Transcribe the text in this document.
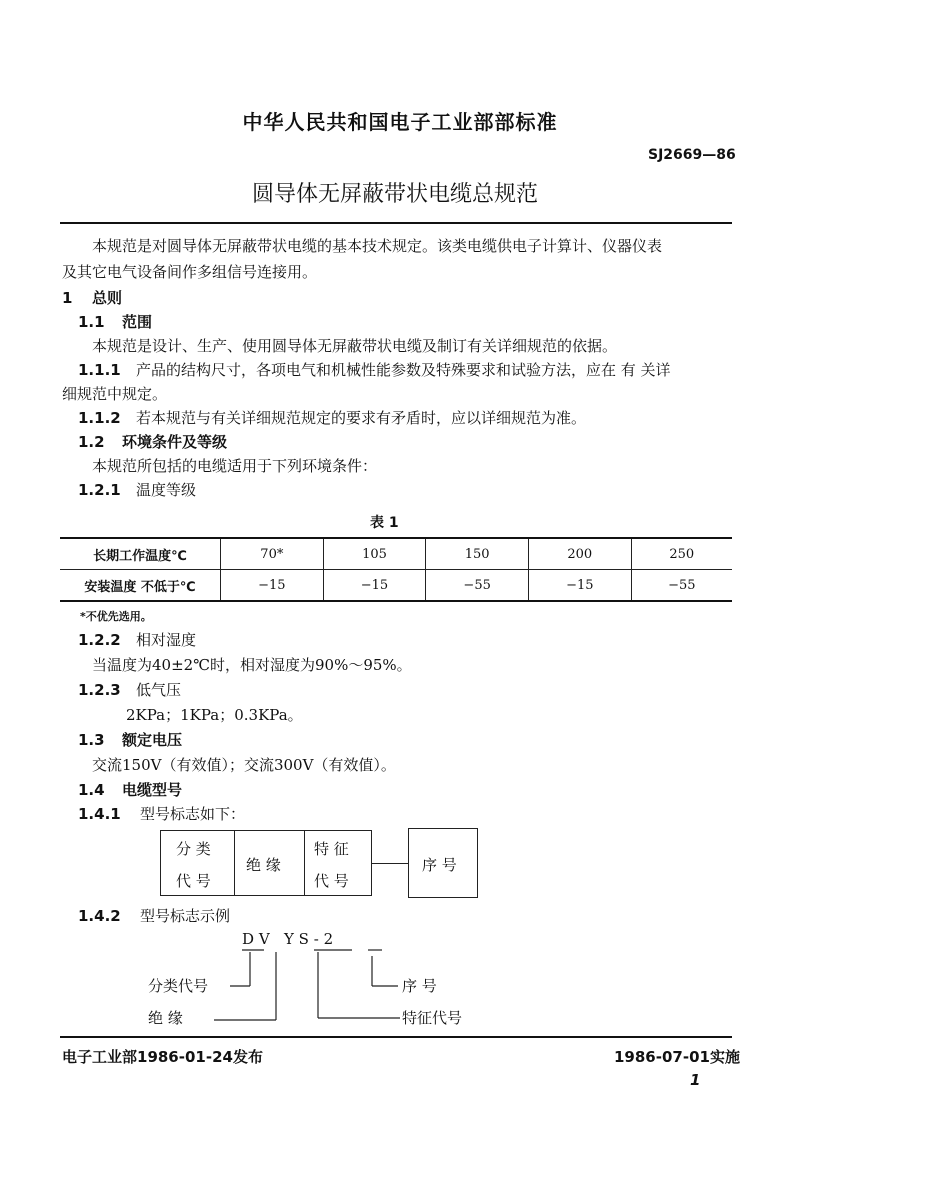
中华人民共和国电子工业部部标准
SJ2669—86
圆导体无屏蔽带状电缆总规范
本规范是对圆导体无屏蔽带状电缆的基本技术规定。该类电缆供电子计算计、仪器仪表
及其它电气设备间作多组信号连接用。
1 总则
1.1 范围
本规范是设计、生产、使用圆导体无屏蔽带状电缆及制订有关详细规范的依据。
1.1.1 产品的结构尺寸，各项电气和机械性能参数及特殊要求和试验方法，应在 有 关详
细规范中规定。
1.1.2 若本规范与有关详细规范规定的要求有矛盾时，应以详细规范为准。
1.2 环境条件及等级
本规范所包括的电缆适用于下列环境条件：
1.2.1 温度等级
表 1
长期工作温度℃	70*	105	150	200	250
安装温度 不低于℃	−15	−15	−55	−15	−55
*不优先选用。
1.2.2 相对湿度
当温度为40±2℃时，相对湿度为90%～95%。
1.2.3 低气压
2KPa；1KPa；0.3KPa。
1.3 额定电压
交流150V（有效值）；交流300V（有效值）。
1.4 电缆型号
1.4.1 型号标志如下：
分 类
代 号
绝 缘
特 征
代 号
序 号
1.4.2 型号标志示例
D V Y S - 2
分类代号
绝 缘
序 号
特征代号
电子工业部1986-01-24发布	1986-07-01实施
1
